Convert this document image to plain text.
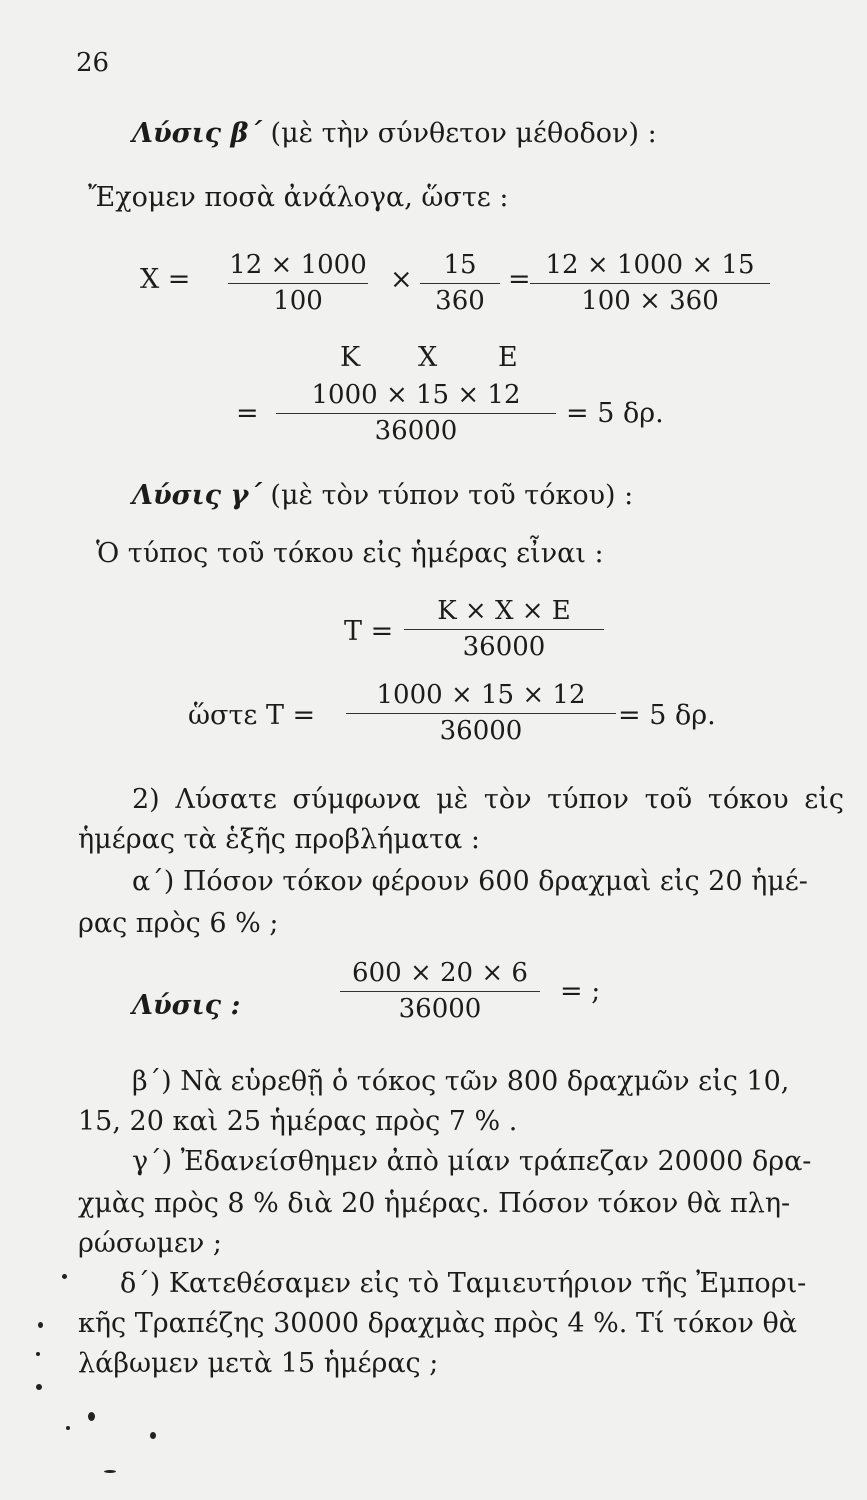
26
Λύσις β΄ (μὲ τὴν σύνθετον μέθοδον) :
Ἔχομεν ποσὰ ἀνάλογα, ὥστε :
X = 12 × 1000
100
×	15
360
= 12 × 1000 × 15
100 × 360
K X E
=
1000 × 15 × 12
36000
= 5 δρ.
Λύσις γ΄ (μὲ τὸν τύπον τοῦ τόκου) :
Ὁ τύπος τοῦ τόκου εἰς ἡμέρας εἶναι :
T =
K × X × E
36000
ὥστε T =
1000 × 15 × 12
36000	= 5 δρ.
2) Λύσατε σύμφωνα μὲ τὸν τύπον τοῦ τόκου εἰς
ἡμέρας τὰ ἑξῆς προβλήματα :
α΄) Πόσον τόκον φέρουν 600 δραχμαὶ εἰς 20 ἡμέ-
ρας πρὸς 6 % ;
Λύσις :
600 × 20 × 6
36000
= ;
β΄) Νὰ εὑρεθῇ ὁ τόκος τῶν 800 δραχμῶν εἰς 10,
15, 20 καὶ 25 ἡμέρας πρὸς 7 % .
γ΄) Ἐδανείσθημεν ἀπὸ μίαν τράπεζαν 20000 δρα-
χμὰς πρὸς 8 % διὰ 20 ἡμέρας. Πόσον τόκον θὰ πλη-
ρώσωμεν ;
δ΄) Κατεθέσαμεν εἰς τὸ Ταμιευτήριον τῆς Ἐμπορι-
κῆς Τραπέζης 30000 δραχμὰς πρὸς 4 %. Τί τόκον θὰ
λάβωμεν μετὰ 15 ἡμέρας ;
